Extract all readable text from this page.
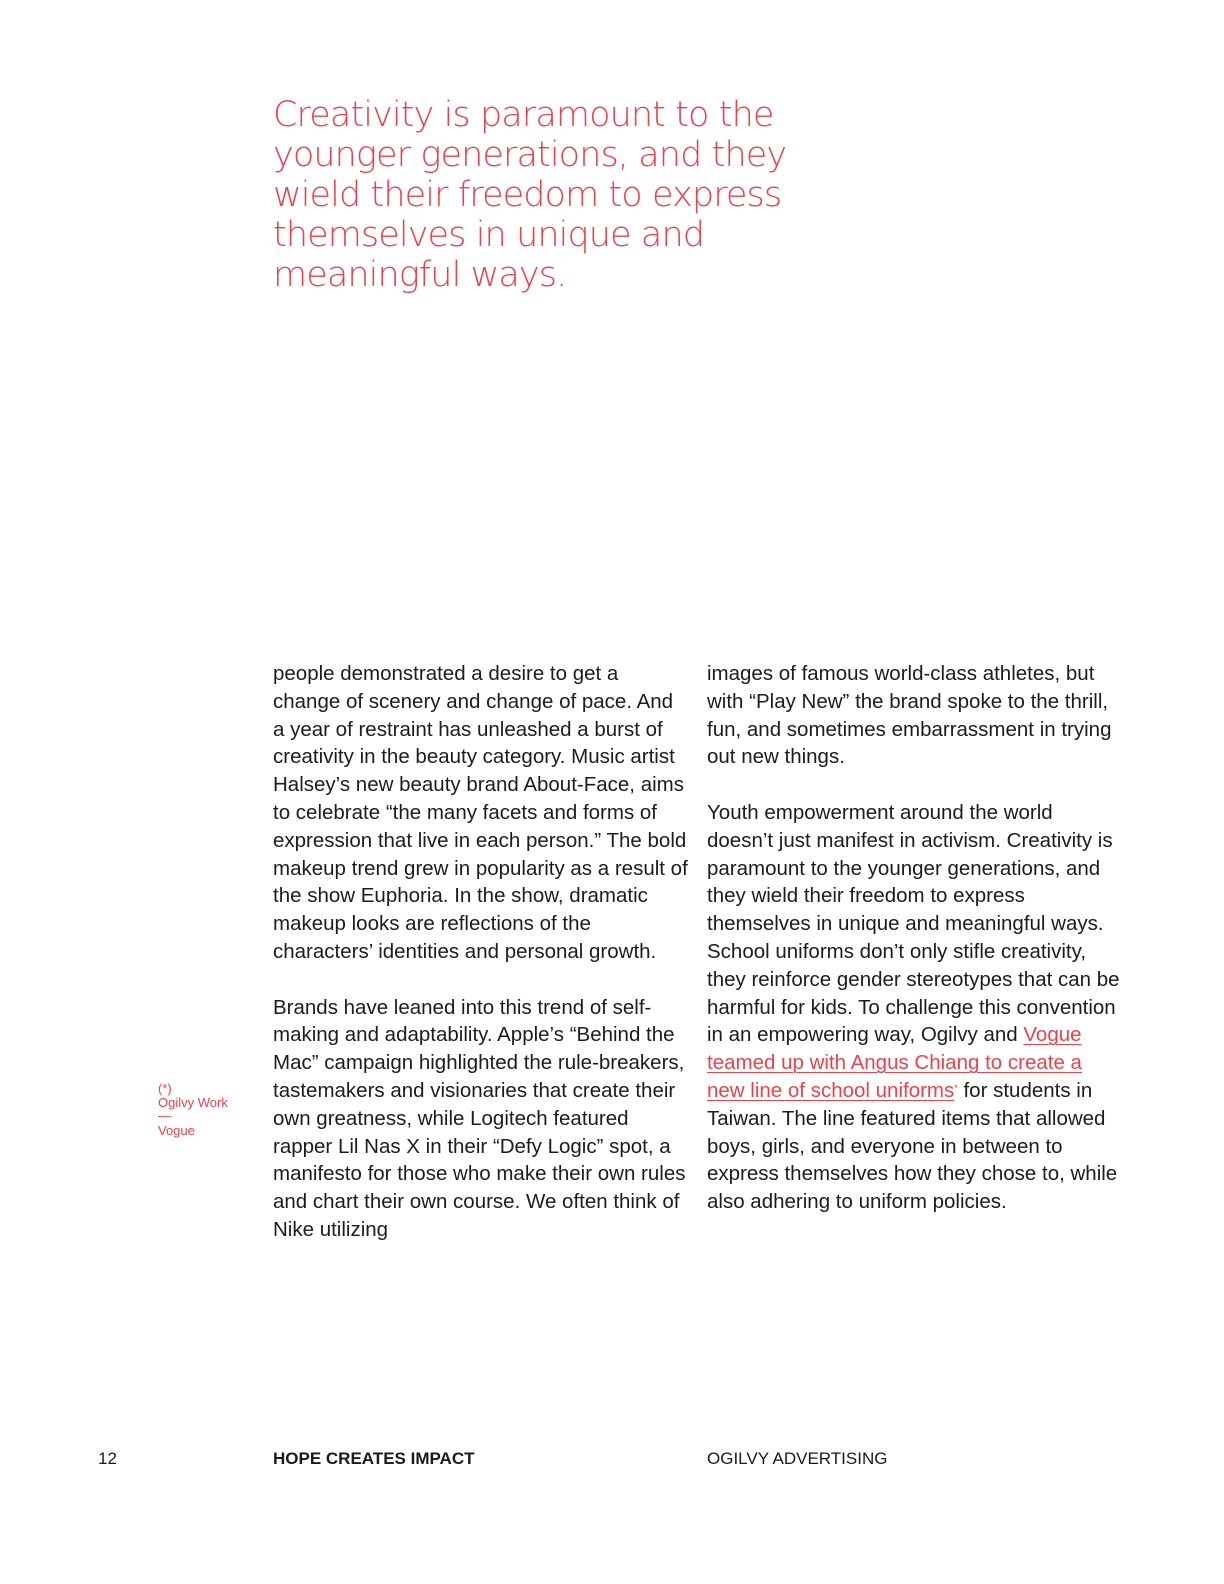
Creativity is paramount to the younger generations, and they wield their freedom to express themselves in unique and meaningful ways.

people demonstrated a desire to get a change of scenery and change of pace. And a year of restraint has unleashed a burst of creativity in the beauty category. Music artist Halsey’s new beauty brand About-Face, aims to celebrate “the many facets and forms of expression that live in each person.” The bold makeup trend grew in popularity as a result of the show Euphoria. In the show, dramatic makeup looks are reflections of the characters’ identities and personal growth.

Brands have leaned into this trend of self-making and adaptability. Apple’s “Behind the Mac” campaign highlighted the rule-breakers, tastemakers and visionaries that create their own greatness, while Logitech featured rapper Lil Nas X in their “Defy Logic” spot, a manifesto for those who make their own rules and chart their own course. We often think of Nike utilizing

images of famous world-class athletes, but with “Play New” the brand spoke to the thrill, fun, and sometimes embarrassment in trying out new things.

Youth empowerment around the world doesn’t just manifest in activism. Creativity is paramount to the younger generations, and they wield their freedom to express themselves in unique and meaningful ways. School uniforms don’t only stifle creativity, they reinforce gender stereotypes that can be harmful for kids. To challenge this convention in an empowering way, Ogilvy and Vogue teamed up with Angus Chiang to create a new line of school uniforms* for students in Taiwan. The line featured items that allowed boys, girls, and everyone in between to express themselves how they chose to, while also adhering to uniform policies.

(*)
Ogilvy Work
—
Vogue
12	HOPE CREATES IMPACT	OGILVY ADVERTISING
